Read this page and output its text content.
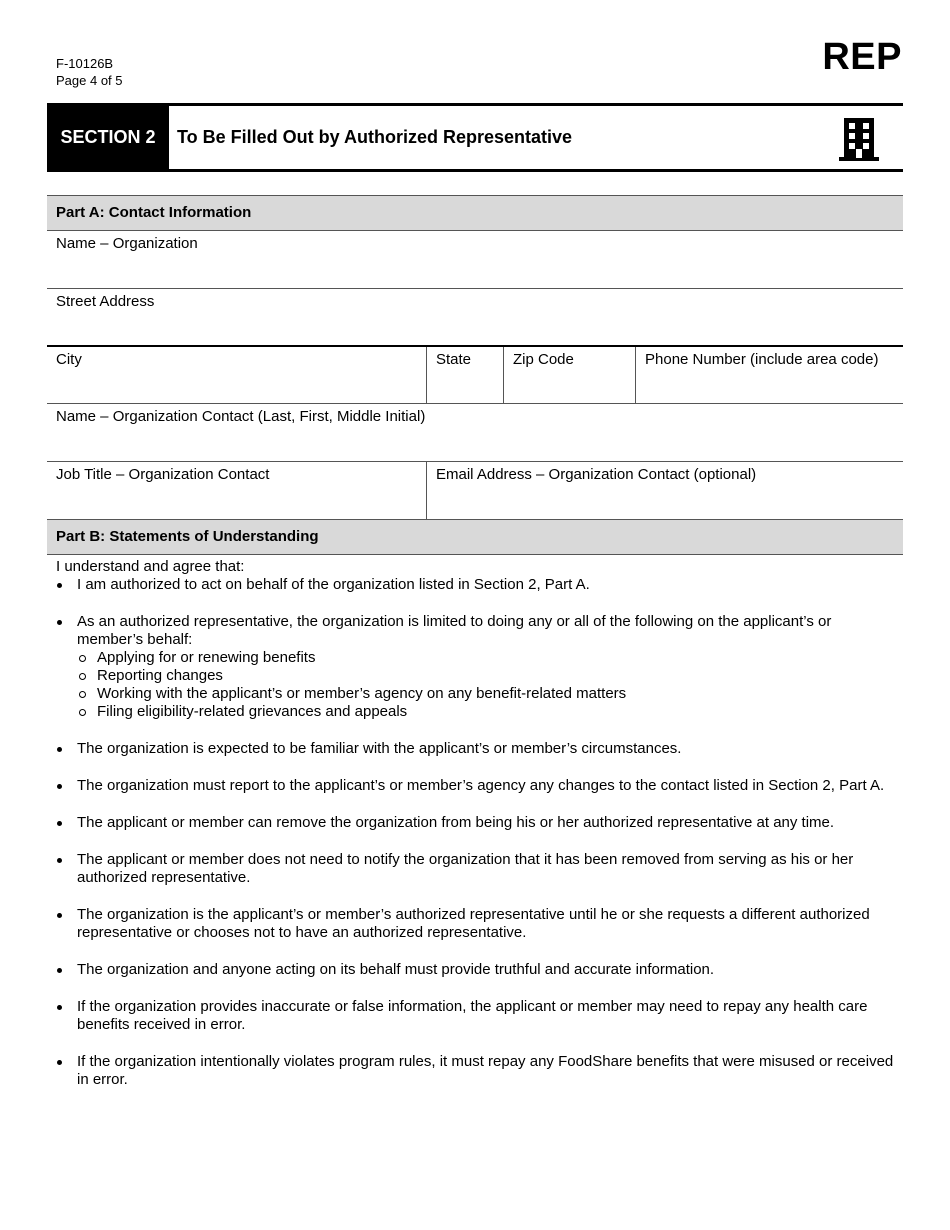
F-10126B
Page 4 of 5
REP
SECTION 2	To Be Filled Out by Authorized Representative
Part A: Contact Information
Name – Organization
Street Address
City	State	Zip Code	Phone Number (include area code)
Name – Organization Contact (Last, First, Middle Initial)
Job Title – Organization Contact	Email Address – Organization Contact (optional)
Part B: Statements of Understanding
I understand and agree that:
I am authorized to act on behalf of the organization listed in Section 2, Part A.
As an authorized representative, the organization is limited to doing any or all of the following on the applicant’s or member’s behalf:
Applying for or renewing benefits
Reporting changes
Working with the applicant’s or member’s agency on any benefit-related matters
Filing eligibility-related grievances and appeals
The organization is expected to be familiar with the applicant’s or member’s circumstances.
The organization must report to the applicant’s or member’s agency any changes to the contact listed in Section 2, Part A.
The applicant or member can remove the organization from being his or her authorized representative at any time.
The applicant or member does not need to notify the organization that it has been removed from serving as his or her authorized representative.
The organization is the applicant’s or member’s authorized representative until he or she requests a different authorized representative or chooses not to have an authorized representative.
The organization and anyone acting on its behalf must provide truthful and accurate information.
If the organization provides inaccurate or false information, the applicant or member may need to repay any health care benefits received in error.
If the organization intentionally violates program rules, it must repay any FoodShare benefits that were misused or received in error.
